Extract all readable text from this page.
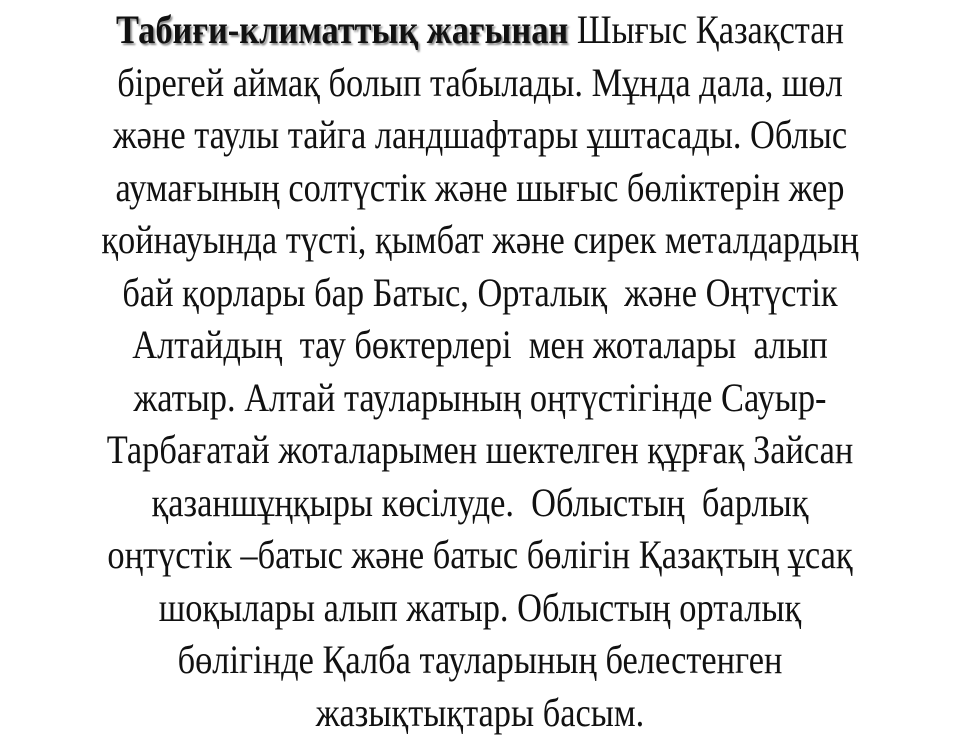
Табиғи-климаттық жағынан Шығыс Қазақстан
бірегей аймақ болып табылады. Мұнда дала, шөл
және таулы тайга ландшафтары ұштасады. Облыс
аумағының солтүстік және шығыс бөліктерін жер
қойнауында түсті, қымбат және сирек металдардың
бай қорлары бар Батыс, Орталық  және Оңтүстік
Алтайдың  тау бөктерлері  мен жоталары  алып
жатыр. Алтай тауларының оңтүстігінде Сауыр-
Тарбағатай жоталарымен шектелген құрғақ Зайсан
қазаншұңқыры көсілуде.  Облыстың  барлық
оңтүстік –батыс және батыс бөлігін Қазақтың ұсақ
шоқылары алып жатыр. Облыстың орталық
бөлігінде Қалба тауларының белестенген
жазықтықтары басым.
